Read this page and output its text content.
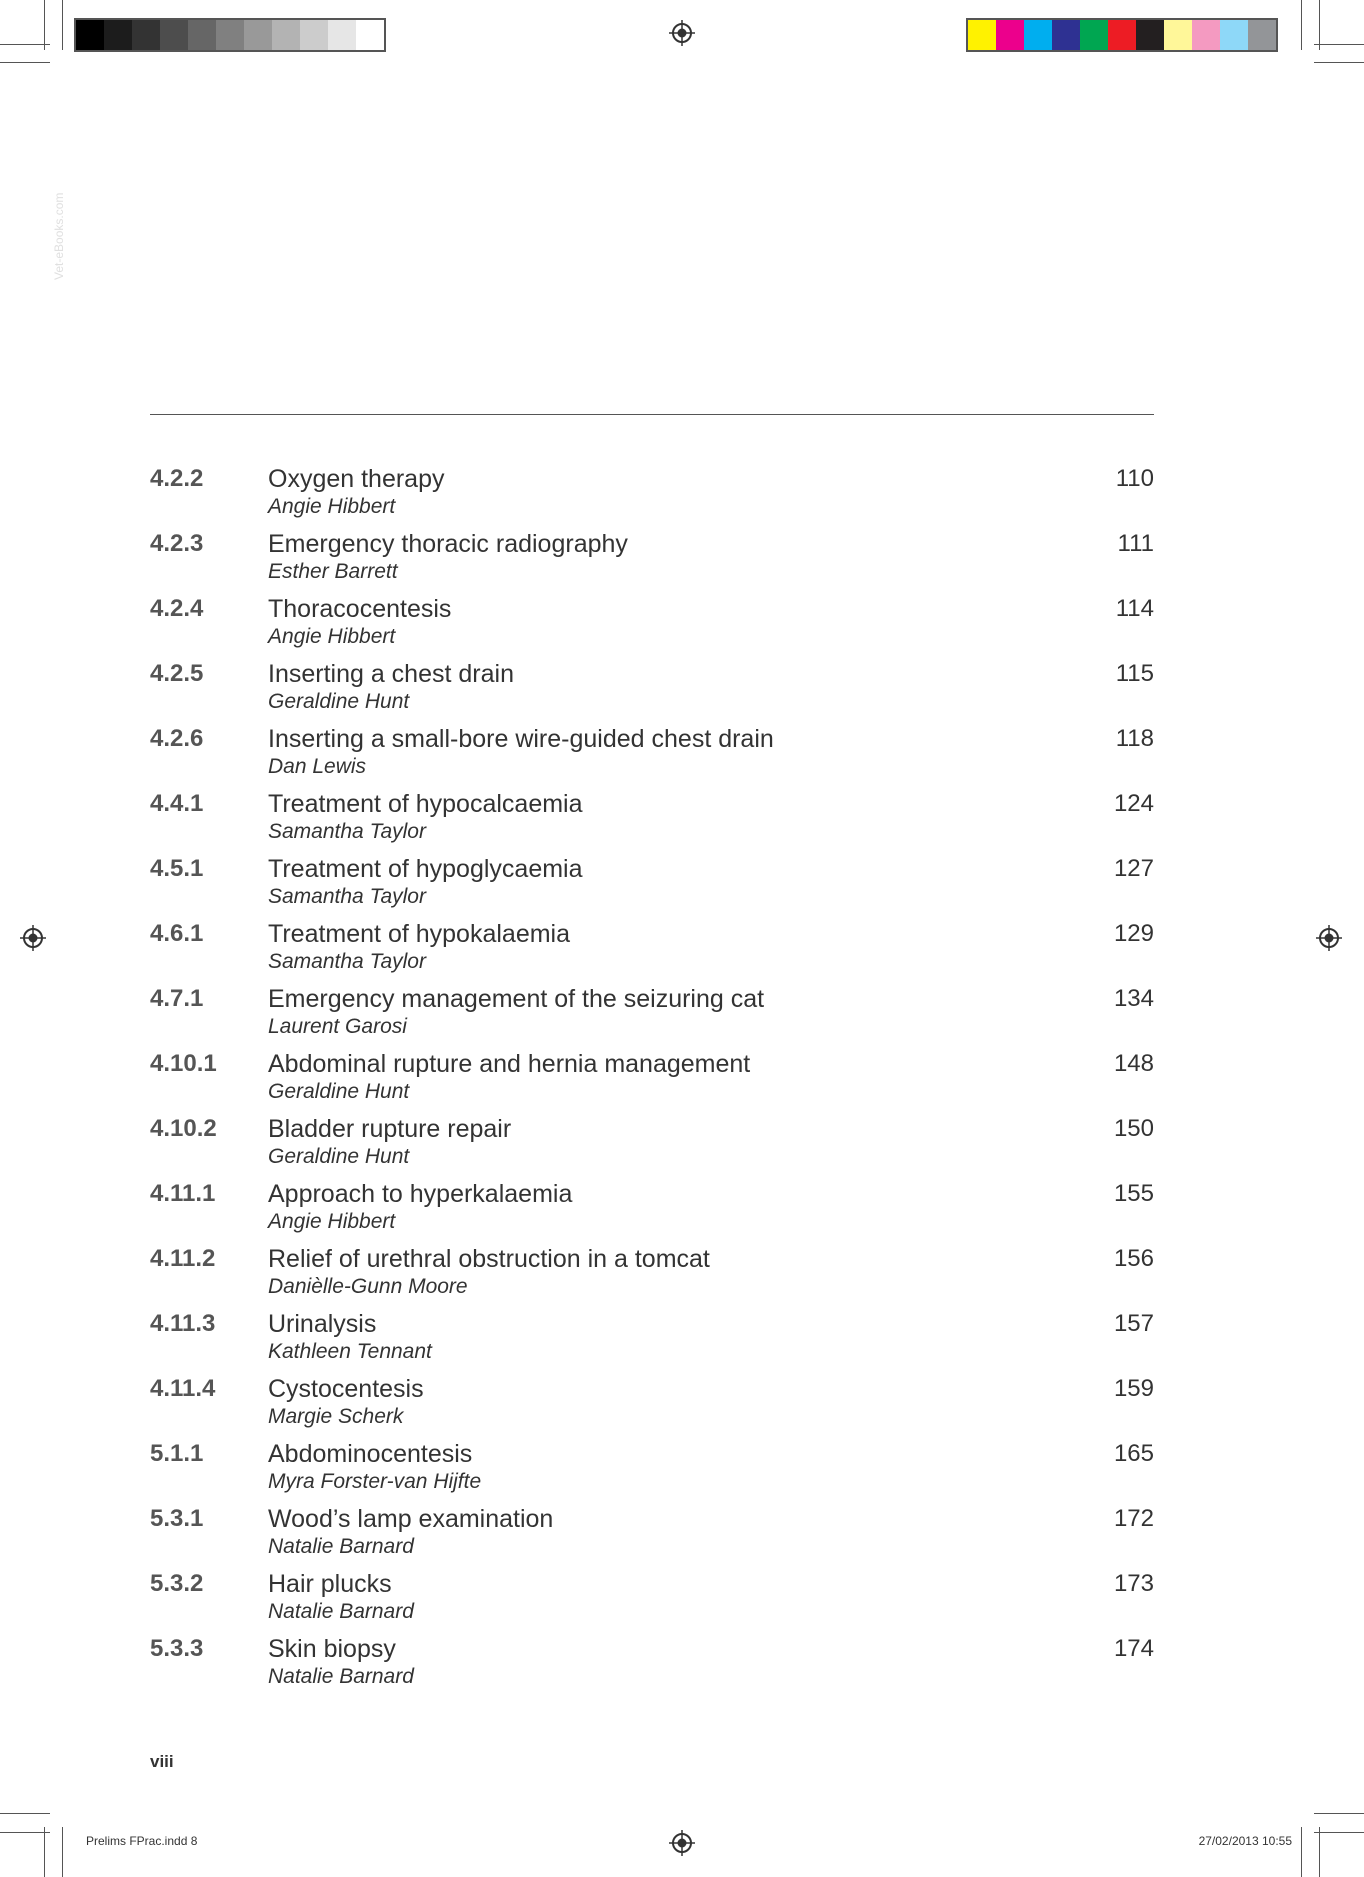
Vet-eBooks.com
4.2.2	Oxygen therapy
Angie Hibbert
110
4.2.3	Emergency thoracic radiography
Esther Barrett
111
4.2.4	Thoracocentesis
Angie Hibbert
114
4.2.5	Inserting a chest drain
Geraldine Hunt
115
4.2.6	Inserting a small-bore wire-guided chest drain
Dan Lewis
118
4.4.1	Treatment of hypocalcaemia
Samantha Taylor
124
4.5.1	Treatment of hypoglycaemia
Samantha Taylor
127
4.6.1	Treatment of hypokalaemia
Samantha Taylor
129
4.7.1	Emergency management of the seizuring cat
Laurent Garosi
134
4.10.1 Abdominal rupture and hernia management
Geraldine Hunt
148
4.10.2 Bladder rupture repair
Geraldine Hunt
150
4.11.1 Approach to hyperkalaemia
Angie Hibbert
155
4.11.2 Relief of urethral obstruction in a tomcat
Danièlle-Gunn Moore
156
4.11.3 Urinalysis
Kathleen Tennant
157
4.11.4 Cystocentesis
Margie Scherk
159
5.1.1	Abdominocentesis
Myra Forster-van Hijfte
165
5.3.1	Wood’s lamp examination
Natalie Barnard
172
5.3.2	Hair plucks
Natalie Barnard
173
5.3.3	Skin biopsy
Natalie Barnard
174
viii
Prelims FPrac.indd 8	27/02/2013 10:55
